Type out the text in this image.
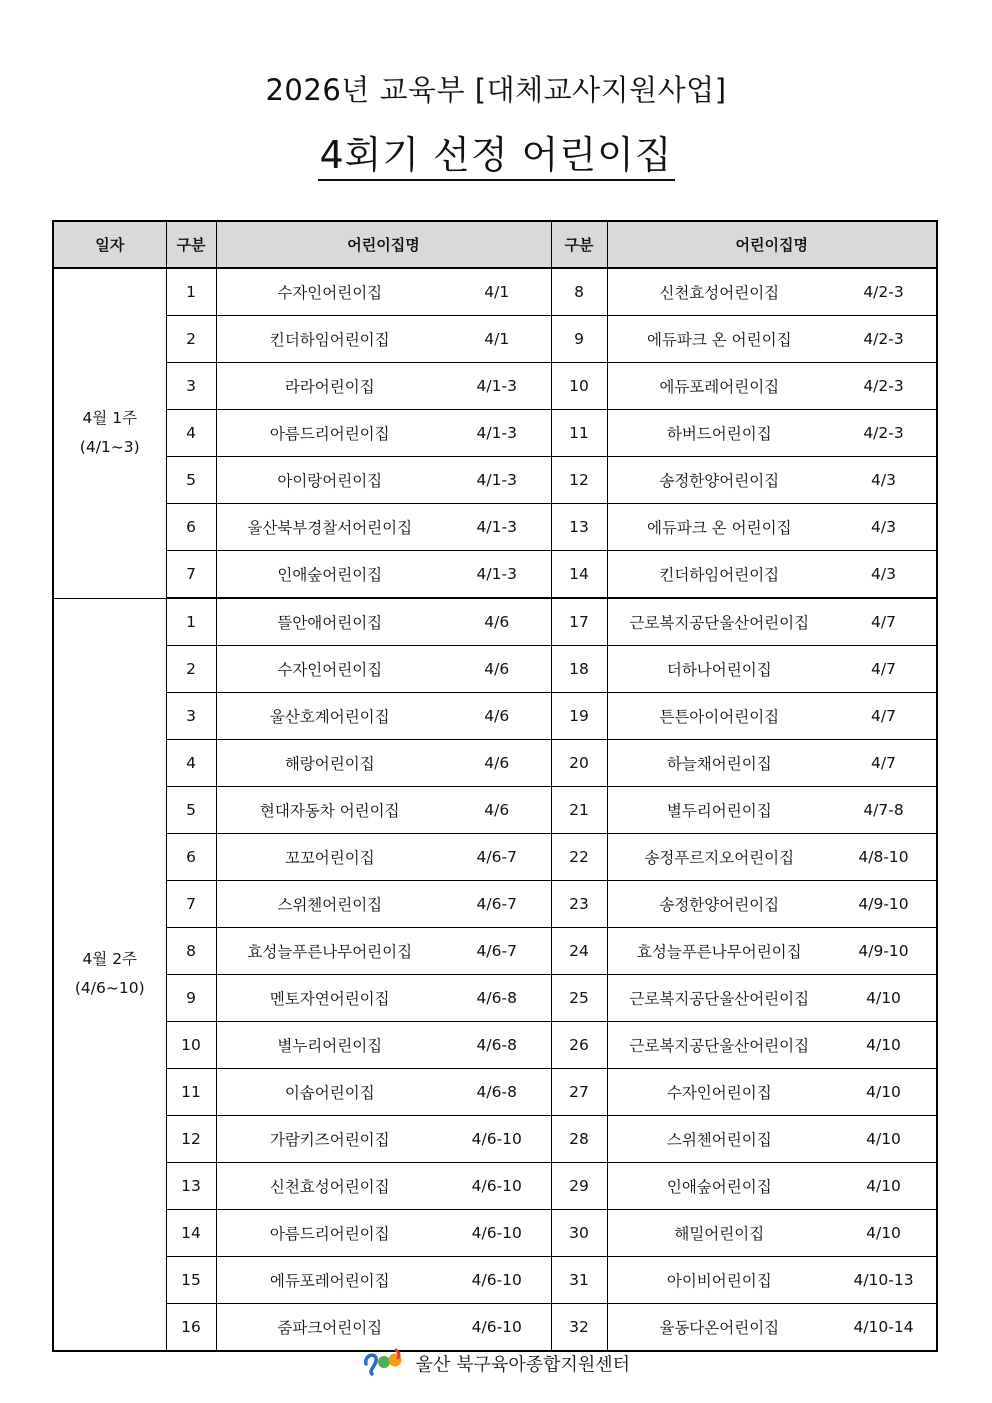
2026년 교육부 [대체교사지원사업]
4회기 선정 어린이집
일자	구분	어린이집명		구분	어린이집명	

4월 1주
(4/1~3)	1	수자인어린이집	4/1	8	신천효성어린이집	4/2-3
	2	킨더하임어린이집	4/1	9	에듀파크 온 어린이집	4/2-3
	3	라라어린이집	4/1-3	10	에듀포레어린이집	4/2-3
	4	아름드리어린이집	4/1-3	11	하버드어린이집	4/2-3
	5	아이랑어린이집	4/1-3	12	송정한양어린이집	4/3
	6	울산북부경찰서어린이집	4/1-3	13	에듀파크 온 어린이집	4/3
	7	인애숲어린이집	4/1-3	14	킨더하임어린이집	4/3

4월 2주
(4/6~10)	1	뜰안애어린이집	4/6	17	근로복지공단울산어린이집	4/7
	2	수자인어린이집	4/6	18	더하나어린이집	4/7
	3	울산호계어린이집	4/6	19	튼튼아이어린이집	4/7
	4	해랑어린이집	4/6	20	하늘채어린이집	4/7
	5	현대자동차 어린이집	4/6	21	별두리어린이집	4/7-8
	6	꼬꼬어린이집	4/6-7	22	송정푸르지오어린이집	4/8-10
	7	스위첸어린이집	4/6-7	23	송정한양어린이집	4/9-10
	8	효성늘푸른나무어린이집	4/6-7	24	효성늘푸른나무어린이집	4/9-10
	9	멘토자연어린이집	4/6-8	25	근로복지공단울산어린이집	4/10
	10	별누리어린이집	4/6-8	26	근로복지공단울산어린이집	4/10
	11	이솝어린이집	4/6-8	27	수자인어린이집	4/10
	12	가람키즈어린이집	4/6-10	28	스위첸어린이집	4/10
	13	신천효성어린이집	4/6-10	29	인애숲어린이집	4/10
	14	아름드리어린이집	4/6-10	30	해밀어린이집	4/10
	15	에듀포레어린이집	4/6-10	31	아이비어린이집	4/10-13
	16	줌파크어린이집	4/6-10	32	율동다온어린이집	4/10-14
울산 북구육아종합지원센터
